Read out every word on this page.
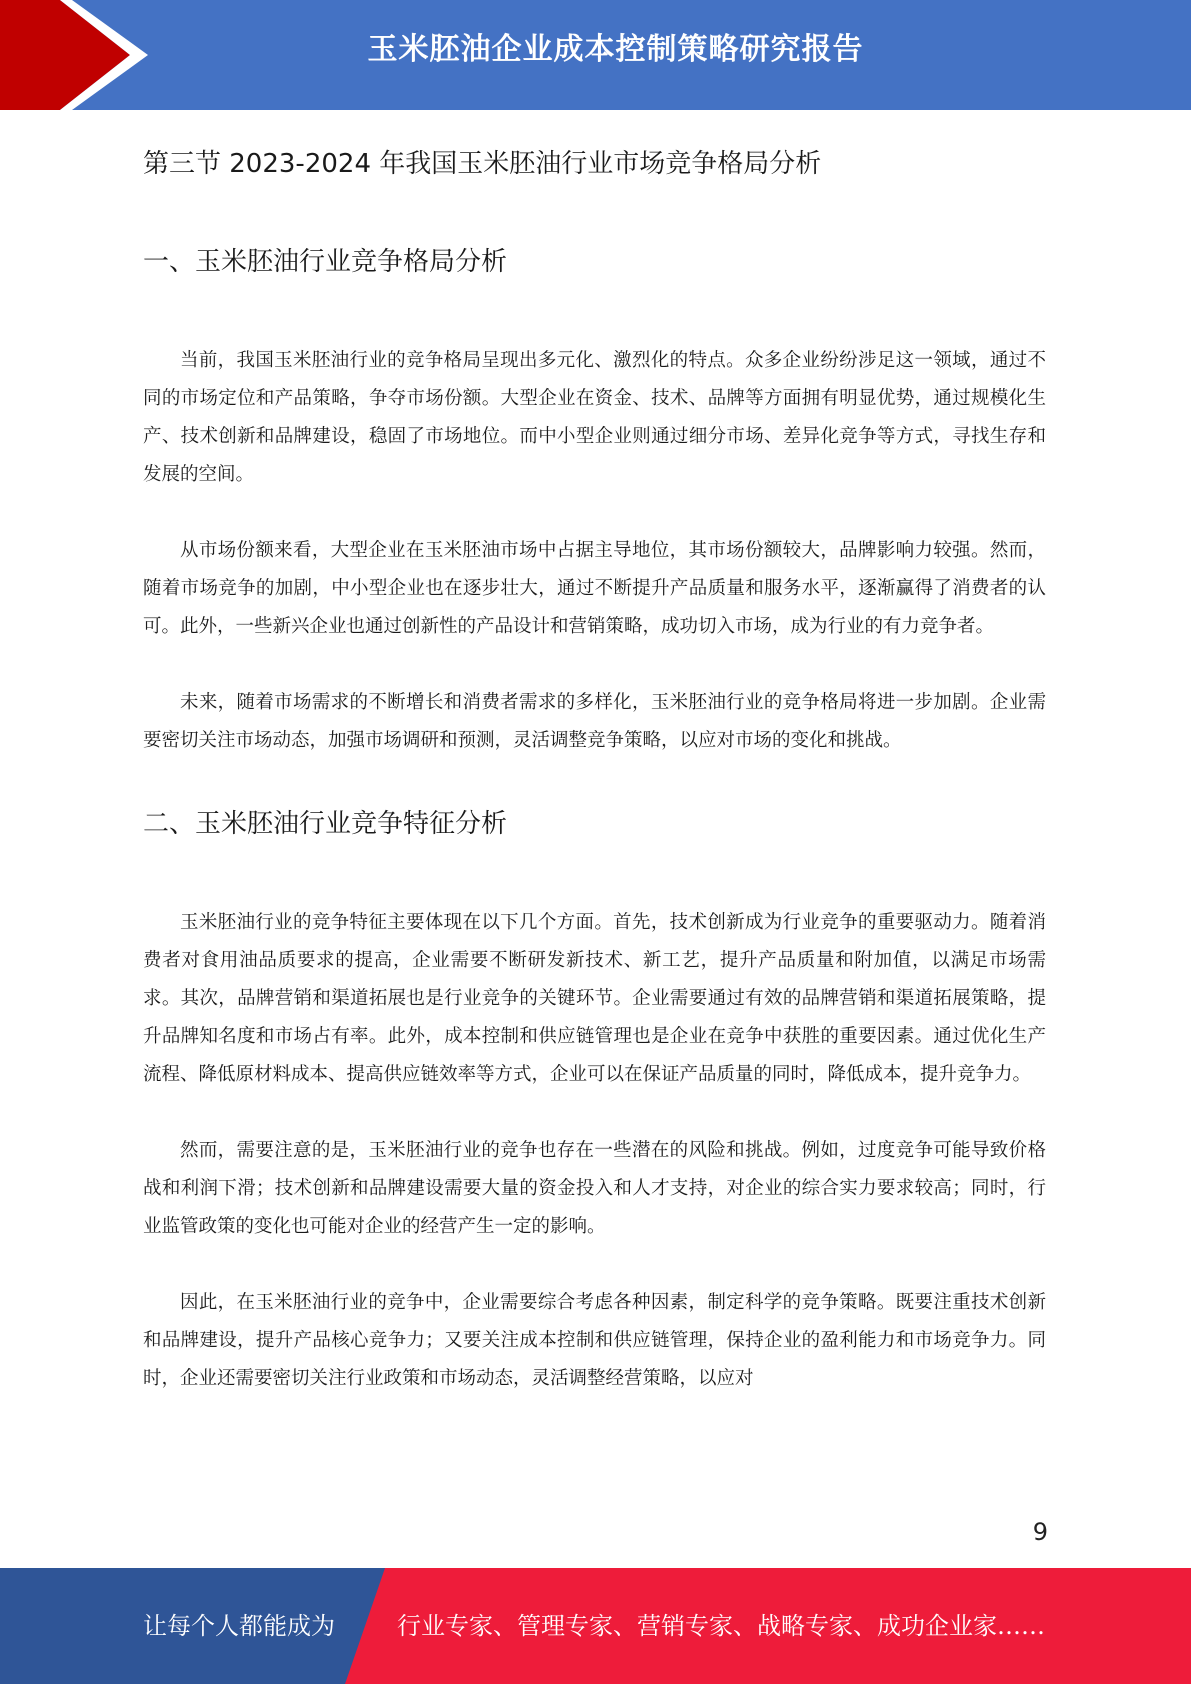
玉米胚油企业成本控制策略研究报告
第三节 2023-2024 年我国玉米胚油行业市场竞争格局分析
一、玉米胚油行业竞争格局分析

当前，我国玉米胚油行业的竞争格局呈现出多元化、激烈化的特点。众多企业纷纷涉足这一领域，通过不同的市场定位和产品策略，争夺市场份额。大型企业在资金、技术、品牌等方面拥有明显优势，通过规模化生产、技术创新和品牌建设，稳固了市场地位。而中小型企业则通过细分市场、差异化竞争等方式，寻找生存和发展的空间。

从市场份额来看，大型企业在玉米胚油市场中占据主导地位，其市场份额较大，品牌影响力较强。然而，随着市场竞争的加剧，中小型企业也在逐步壮大，通过不断提升产品质量和服务水平，逐渐赢得了消费者的认可。此外，一些新兴企业也通过创新性的产品设计和营销策略，成功切入市场，成为行业的有力竞争者。

未来，随着市场需求的不断增长和消费者需求的多样化，玉米胚油行业的竞争格局将进一步加剧。企业需要密切关注市场动态，加强市场调研和预测，灵活调整竞争策略，以应对市场的变化和挑战。

二、玉米胚油行业竞争特征分析

玉米胚油行业的竞争特征主要体现在以下几个方面。首先，技术创新成为行业竞争的重要驱动力。随着消费者对食用油品质要求的提高，企业需要不断研发新技术、新工艺，提升产品质量和附加值，以满足市场需求。其次，品牌营销和渠道拓展也是行业竞争的关键环节。企业需要通过有效的品牌营销和渠道拓展策略，提升品牌知名度和市场占有率。此外，成本控制和供应链管理也是企业在竞争中获胜的重要因素。通过优化生产流程、降低原材料成本、提高供应链效率等方式，企业可以在保证产品质量的同时，降低成本，提升竞争力。

然而，需要注意的是，玉米胚油行业的竞争也存在一些潜在的风险和挑战。例如，过度竞争可能导致价格战和利润下滑；技术创新和品牌建设需要大量的资金投入和人才支持，对企业的综合实力要求较高；同时，行业监管政策的变化也可能对企业的经营产生一定的影响。

因此，在玉米胚油行业的竞争中，企业需要综合考虑各种因素，制定科学的竞争策略。既要注重技术创新和品牌建设，提升产品核心竞争力；又要关注成本控制和供应链管理，保持企业的盈利能力和市场竞争力。同时，企业还需要密切关注行业政策和市场动态，灵活调整经营策略，以应对

9
让每个人都能成为	行业专家、管理专家、营销专家、战略专家、成功企业家……
